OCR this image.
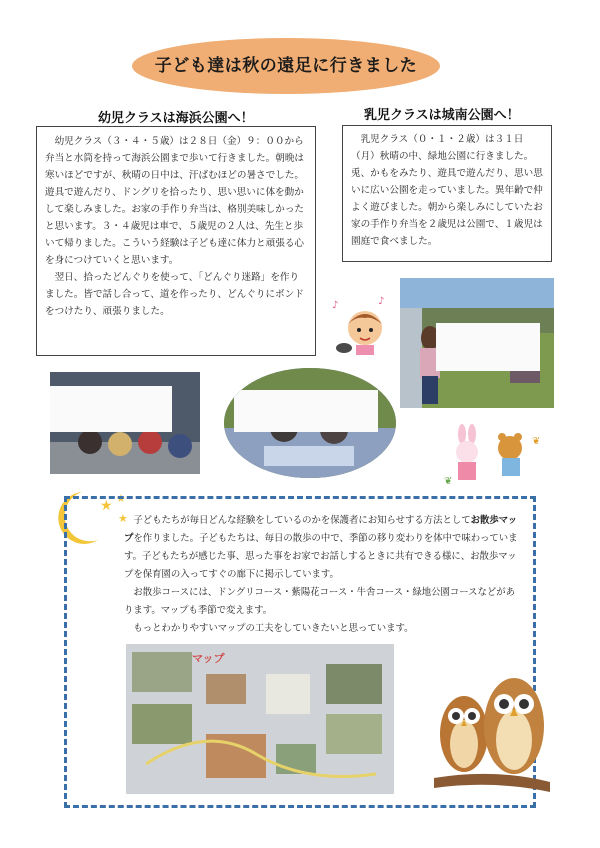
子ども達は秋の遠足に行きました
幼児クラスは海浜公園へ！

幼児クラス（３・４・５歳）は２８日（金）９：００から弁当と水筒を持って海浜公園まで歩いて行きました。朝晩は寒いほどですが、秋晴の日中は、汗ばむほどの暑さでした。遊具で遊んだり、ドングリを拾ったり、思い思いに体を動かして楽しみました。お家の手作り弁当は、格別美味しかったと思います。３・４歳児は車で、５歳児の２人は、先生と歩いて帰りました。こういう経験は子ども達に体力と頑張る心を身につけていくと思います。

翌日、拾ったどんぐりを使って、「どんぐり迷路」を作りました。皆で話し合って、道を作ったり、どんぐりにボンドをつけたり、頑張りました。

乳児クラスは城南公園へ！

乳児クラス（０・１・２歳）は３１日（月）秋晴の中、緑地公園に行きました。兎、かもをみたり、遊具で遊んだり、思い思いに広い公園を走っていました。異年齢で仲よく遊びました。朝から楽しみにしていたお家の手作り弁当を２歳児は公園で、１歳児は園庭で食べました。

♪	♪
❦
❦
★ ★
★ 子どもたちが毎日どんな経験をしているのかを保護者にお知らせする方法としてお散歩マップを作りました。子どもたちは、毎日の散歩の中で、季節の移り変わりを体中で味わっています。子どもたちが感じた事、思った事をお家でお話しするときに共有できる様に、お散歩マップを保育園の入ってすぐの廊下に掲示しています。

お散歩コースには、ドングリコース・紫陽花コース・牛舎コース・緑地公園コースなどがあります。マップも季節で変えます。

もっとわかりやすいマップの工夫をしていきたいと思っています。

マップ
